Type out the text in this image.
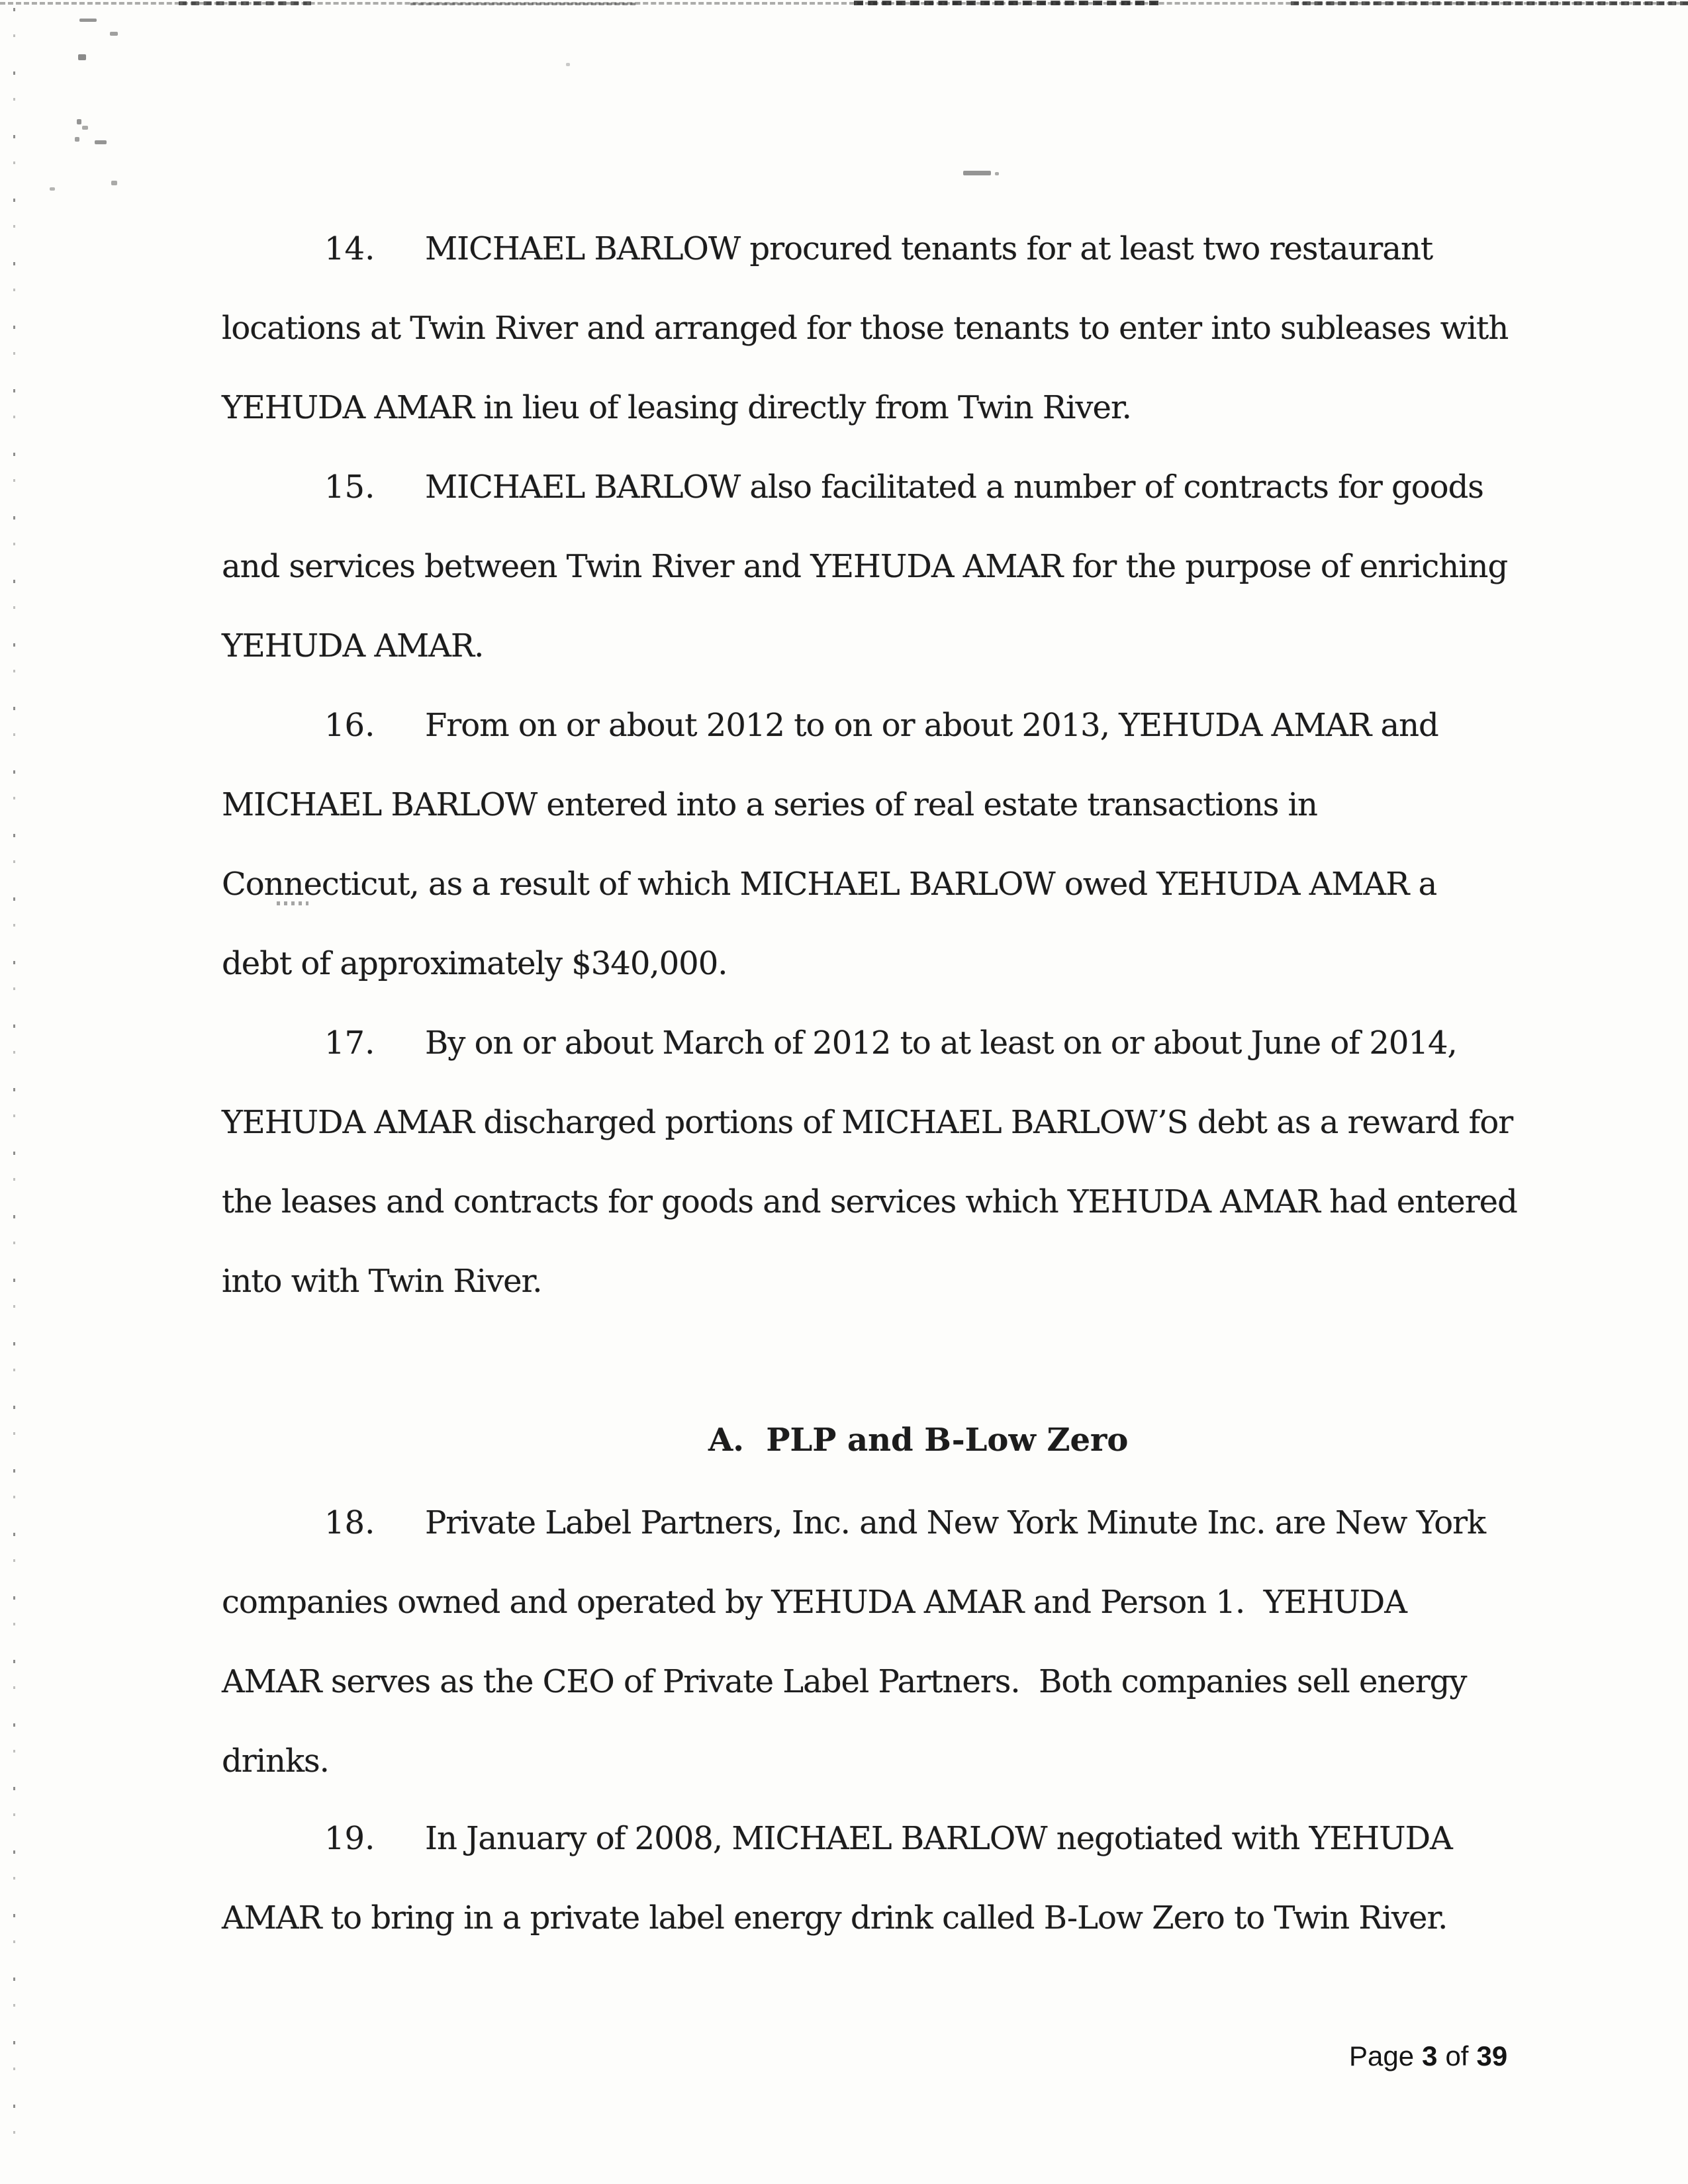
14. MICHAEL BARLOW procured tenants for at least two restaurant
locations at Twin River and arranged for those tenants to enter into subleases with
YEHUDA AMAR in lieu of leasing directly from Twin River.
15. MICHAEL BARLOW also facilitated a number of contracts for goods
and services between Twin River and YEHUDA AMAR for the purpose of enriching
YEHUDA AMAR.
16. From on or about 2012 to on or about 2013, YEHUDA AMAR and
MICHAEL BARLOW entered into a series of real estate transactions in
Connecticut, as a result of which MICHAEL BARLOW owed YEHUDA AMAR a
debt of approximately $340,000.
17. By on or about March of 2012 to at least on or about June of 2014,
YEHUDA AMAR discharged portions of MICHAEL BARLOW’S debt as a reward for
the leases and contracts for goods and services which YEHUDA AMAR had entered
into with Twin River.
A.  PLP and B-Low Zero
18. Private Label Partners, Inc. and New York Minute Inc. are New York
companies owned and operated by YEHUDA AMAR and Person 1.  YEHUDA
AMAR serves as the CEO of Private Label Partners.  Both companies sell energy
drinks.
19. In January of 2008, MICHAEL BARLOW negotiated with YEHUDA
AMAR to bring in a private label energy drink called B-Low Zero to Twin River.
Page 3 of 39
